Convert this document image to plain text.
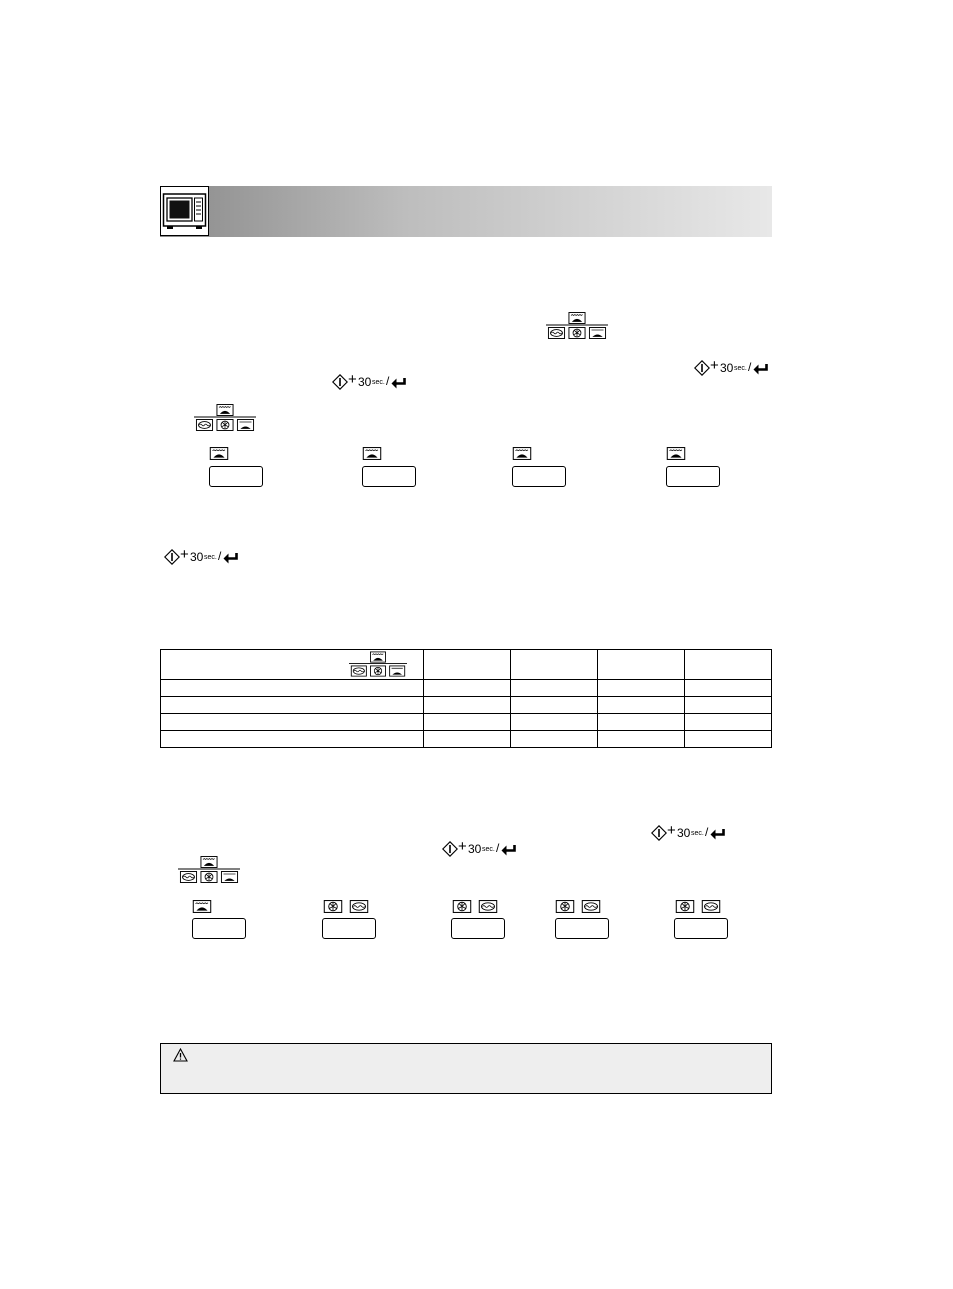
+ 30 sec. /
+ 30 sec. /
+ 30 sec. /

+ 30 sec. /
+ 30 sec. /
